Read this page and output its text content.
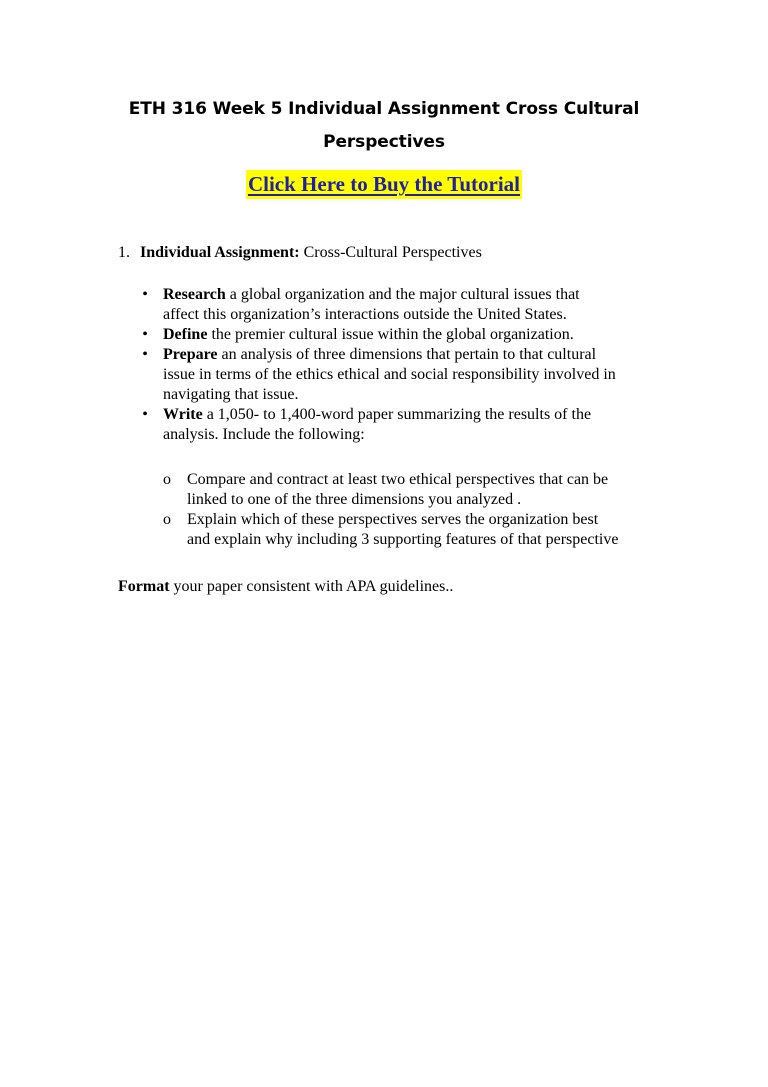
ETH 316 Week 5 Individual Assignment Cross Cultural
Perspectives
Click Here to Buy the Tutorial
1. Individual Assignment: Cross-Cultural Perspectives
• Research a global organization and the major cultural issues that
affect this organization’s interactions outside the United States.
• Define the premier cultural issue within the global organization.
• Prepare an analysis of three dimensions that pertain to that cultural
issue in terms of the ethics ethical and social responsibility involved in
navigating that issue.
• Write a 1,050- to 1,400-word paper summarizing the results of the
analysis. Include the following:
o Compare and contract at least two ethical perspectives that can be
linked to one of the three dimensions you analyzed .
o Explain which of these perspectives serves the organization best
and explain why including 3 supporting features of that perspective
Format your paper consistent with APA guidelines..
